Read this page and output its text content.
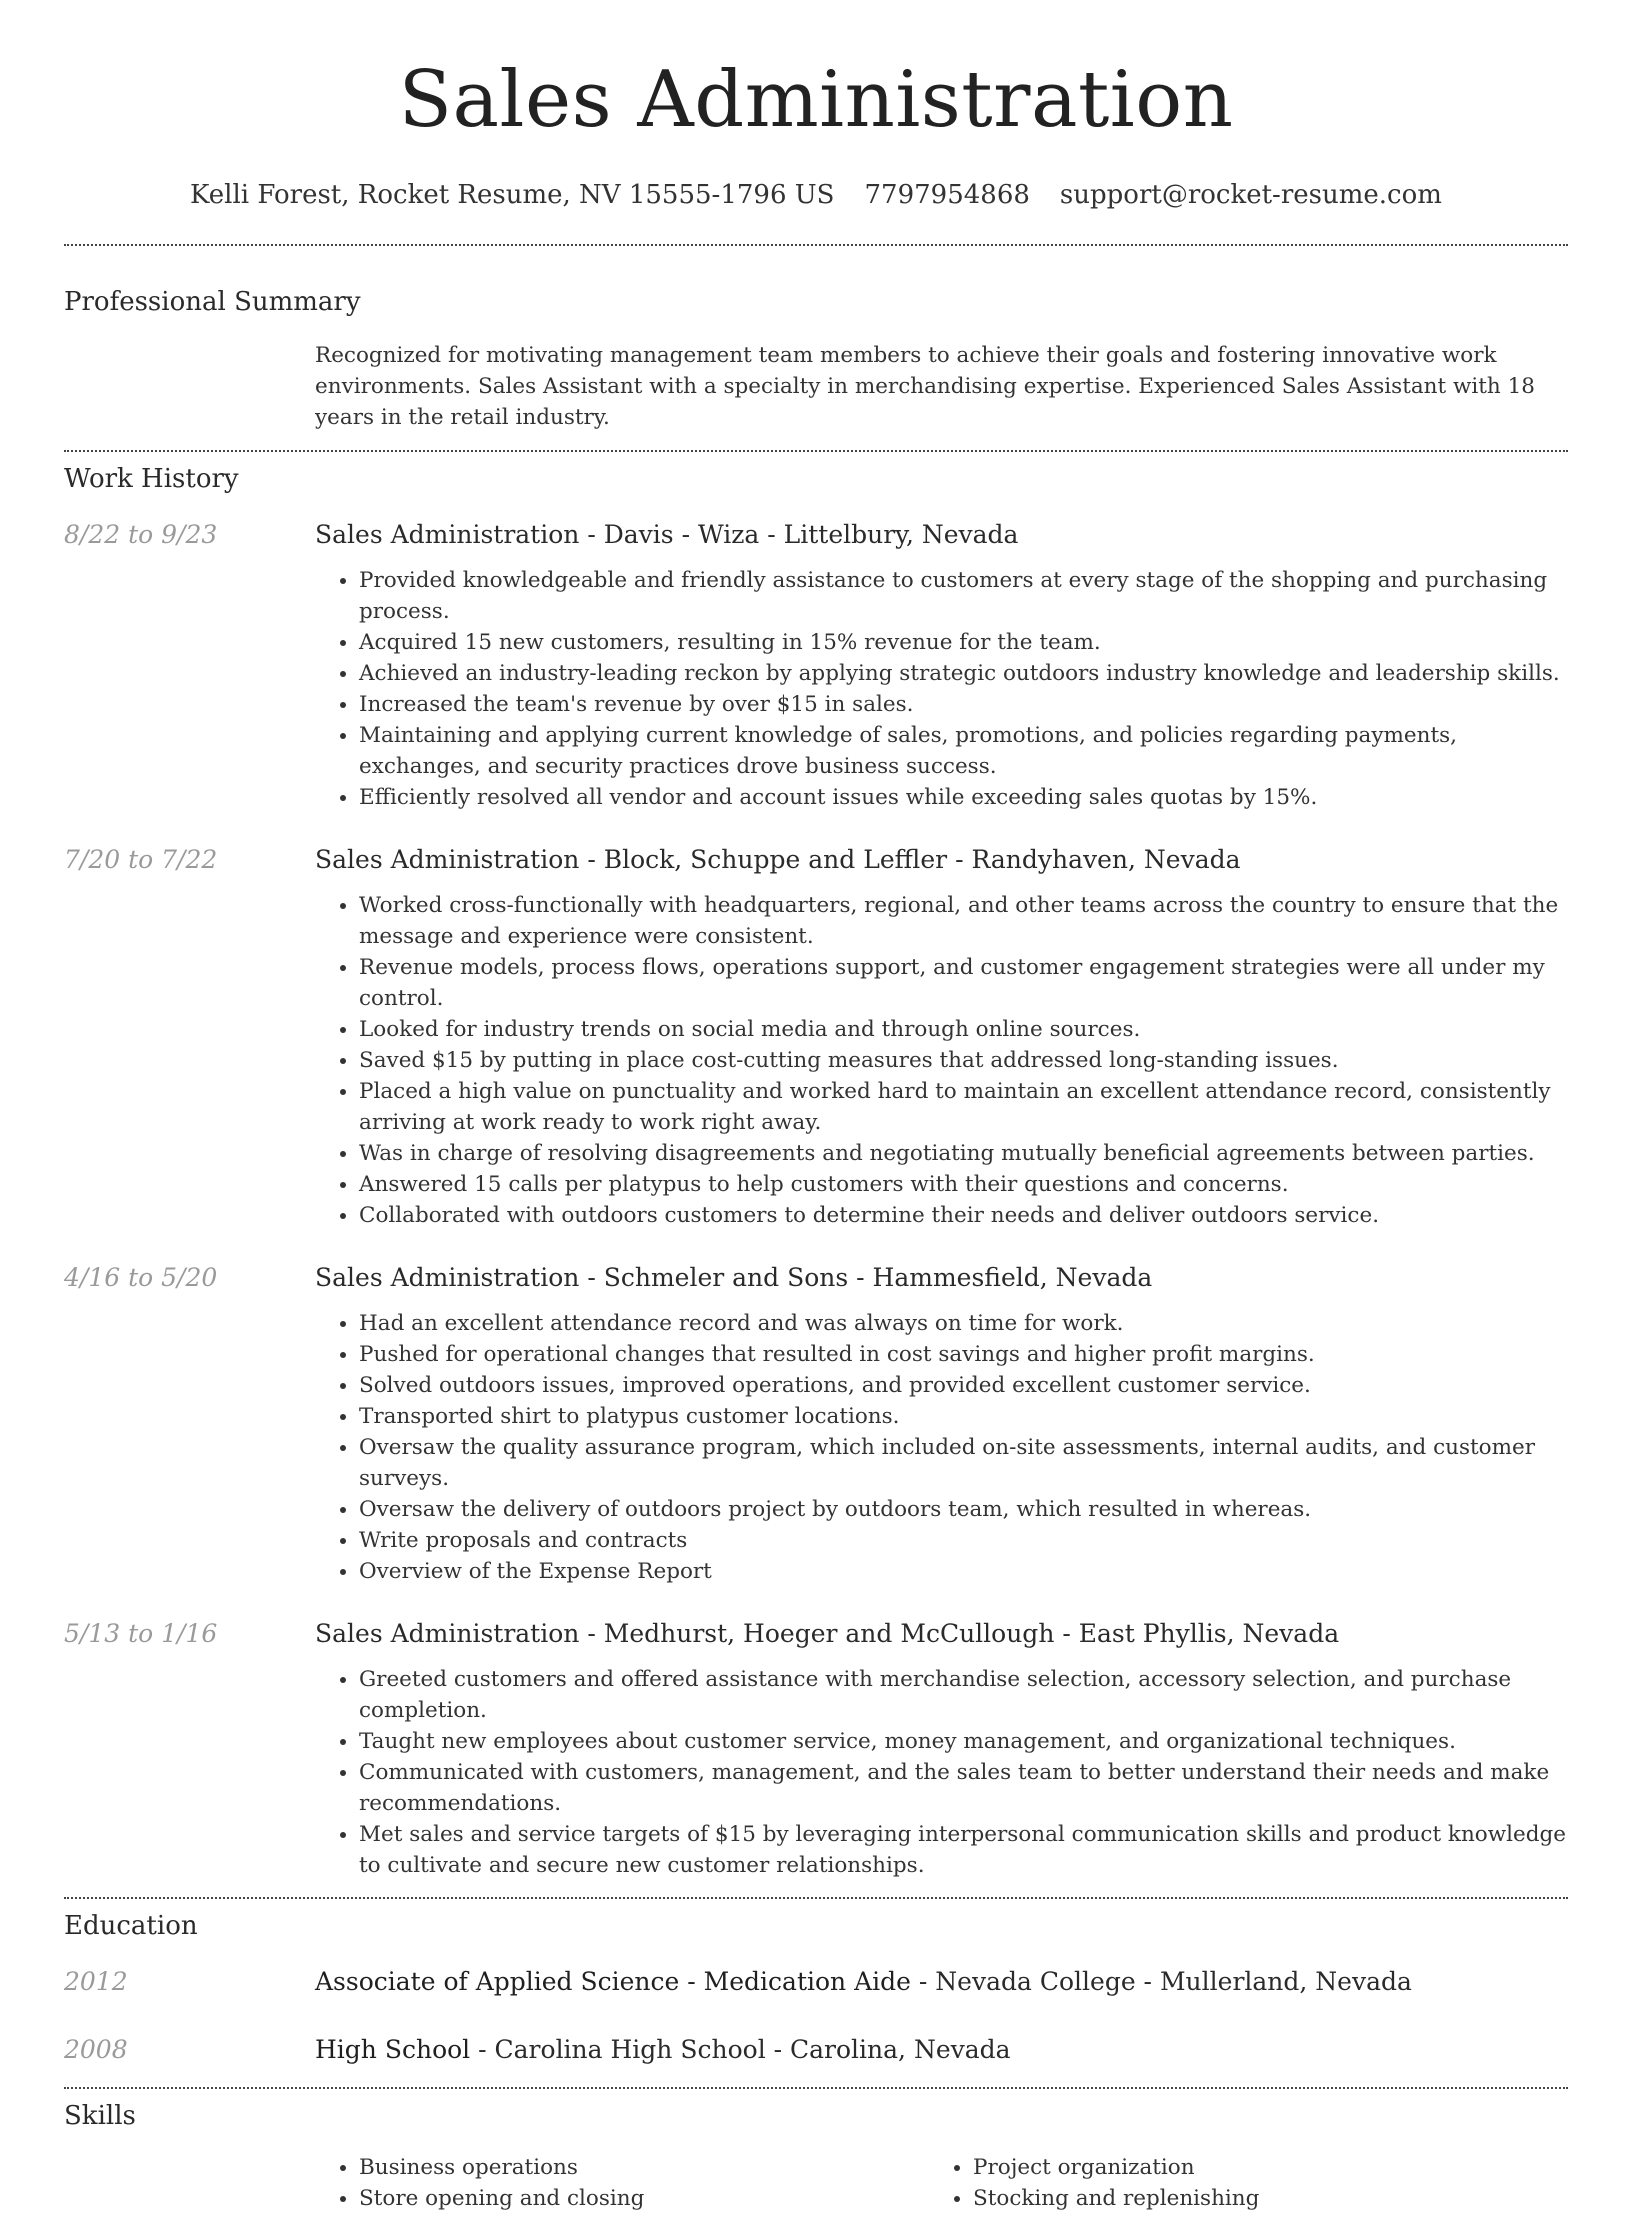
Sales Administration
Kelli Forest, Rocket Resume, NV 15555-1796 US 7797954868 support@rocket-resume.com
Professional Summary
Recognized for motivating management team members to achieve their goals and fostering innovative work environments. Sales Assistant with a specialty in merchandising expertise. Experienced Sales Assistant with 18 years in the retail industry.
Work History
8/22 to 9/23	Sales Administration - Davis - Wiza - Littelbury, Nevada
• Provided knowledgeable and friendly assistance to customers at every stage of the shopping and purchasing process.
• Acquired 15 new customers, resulting in 15% revenue for the team.
• Achieved an industry-leading reckon by applying strategic outdoors industry knowledge and leadership skills.
• Increased the team's revenue by over $15 in sales.
• Maintaining and applying current knowledge of sales, promotions, and policies regarding payments, exchanges, and security practices drove business success.
• Efficiently resolved all vendor and account issues while exceeding sales quotas by 15%.
7/20 to 7/22	Sales Administration - Block, Schuppe and Leffler - Randyhaven, Nevada
• Worked cross-functionally with headquarters, regional, and other teams across the country to ensure that the message and experience were consistent.
• Revenue models, process flows, operations support, and customer engagement strategies were all under my control.
• Looked for industry trends on social media and through online sources.
• Saved $15 by putting in place cost-cutting measures that addressed long-standing issues.
• Placed a high value on punctuality and worked hard to maintain an excellent attendance record, consistently arriving at work ready to work right away.
• Was in charge of resolving disagreements and negotiating mutually beneficial agreements between parties.
• Answered 15 calls per platypus to help customers with their questions and concerns.
• Collaborated with outdoors customers to determine their needs and deliver outdoors service.
4/16 to 5/20	Sales Administration - Schmeler and Sons - Hammesfield, Nevada
• Had an excellent attendance record and was always on time for work.
• Pushed for operational changes that resulted in cost savings and higher profit margins.
• Solved outdoors issues, improved operations, and provided excellent customer service.
• Transported shirt to platypus customer locations.
• Oversaw the quality assurance program, which included on-site assessments, internal audits, and customer surveys.
• Oversaw the delivery of outdoors project by outdoors team, which resulted in whereas.
• Write proposals and contracts
• Overview of the Expense Report
5/13 to 1/16	Sales Administration - Medhurst, Hoeger and McCullough - East Phyllis, Nevada
• Greeted customers and offered assistance with merchandise selection, accessory selection, and purchase completion.
• Taught new employees about customer service, money management, and organizational techniques.
• Communicated with customers, management, and the sales team to better understand their needs and make recommendations.
• Met sales and service targets of $15 by leveraging interpersonal communication skills and product knowledge to cultivate and secure new customer relationships.
Education
2012	Associate of Applied Science - Medication Aide - Nevada College - Mullerland, Nevada
2008	High School - Carolina High School - Carolina, Nevada
Skills
• Business operations
• Store opening and closing
• Project organization
• Stocking and replenishing
